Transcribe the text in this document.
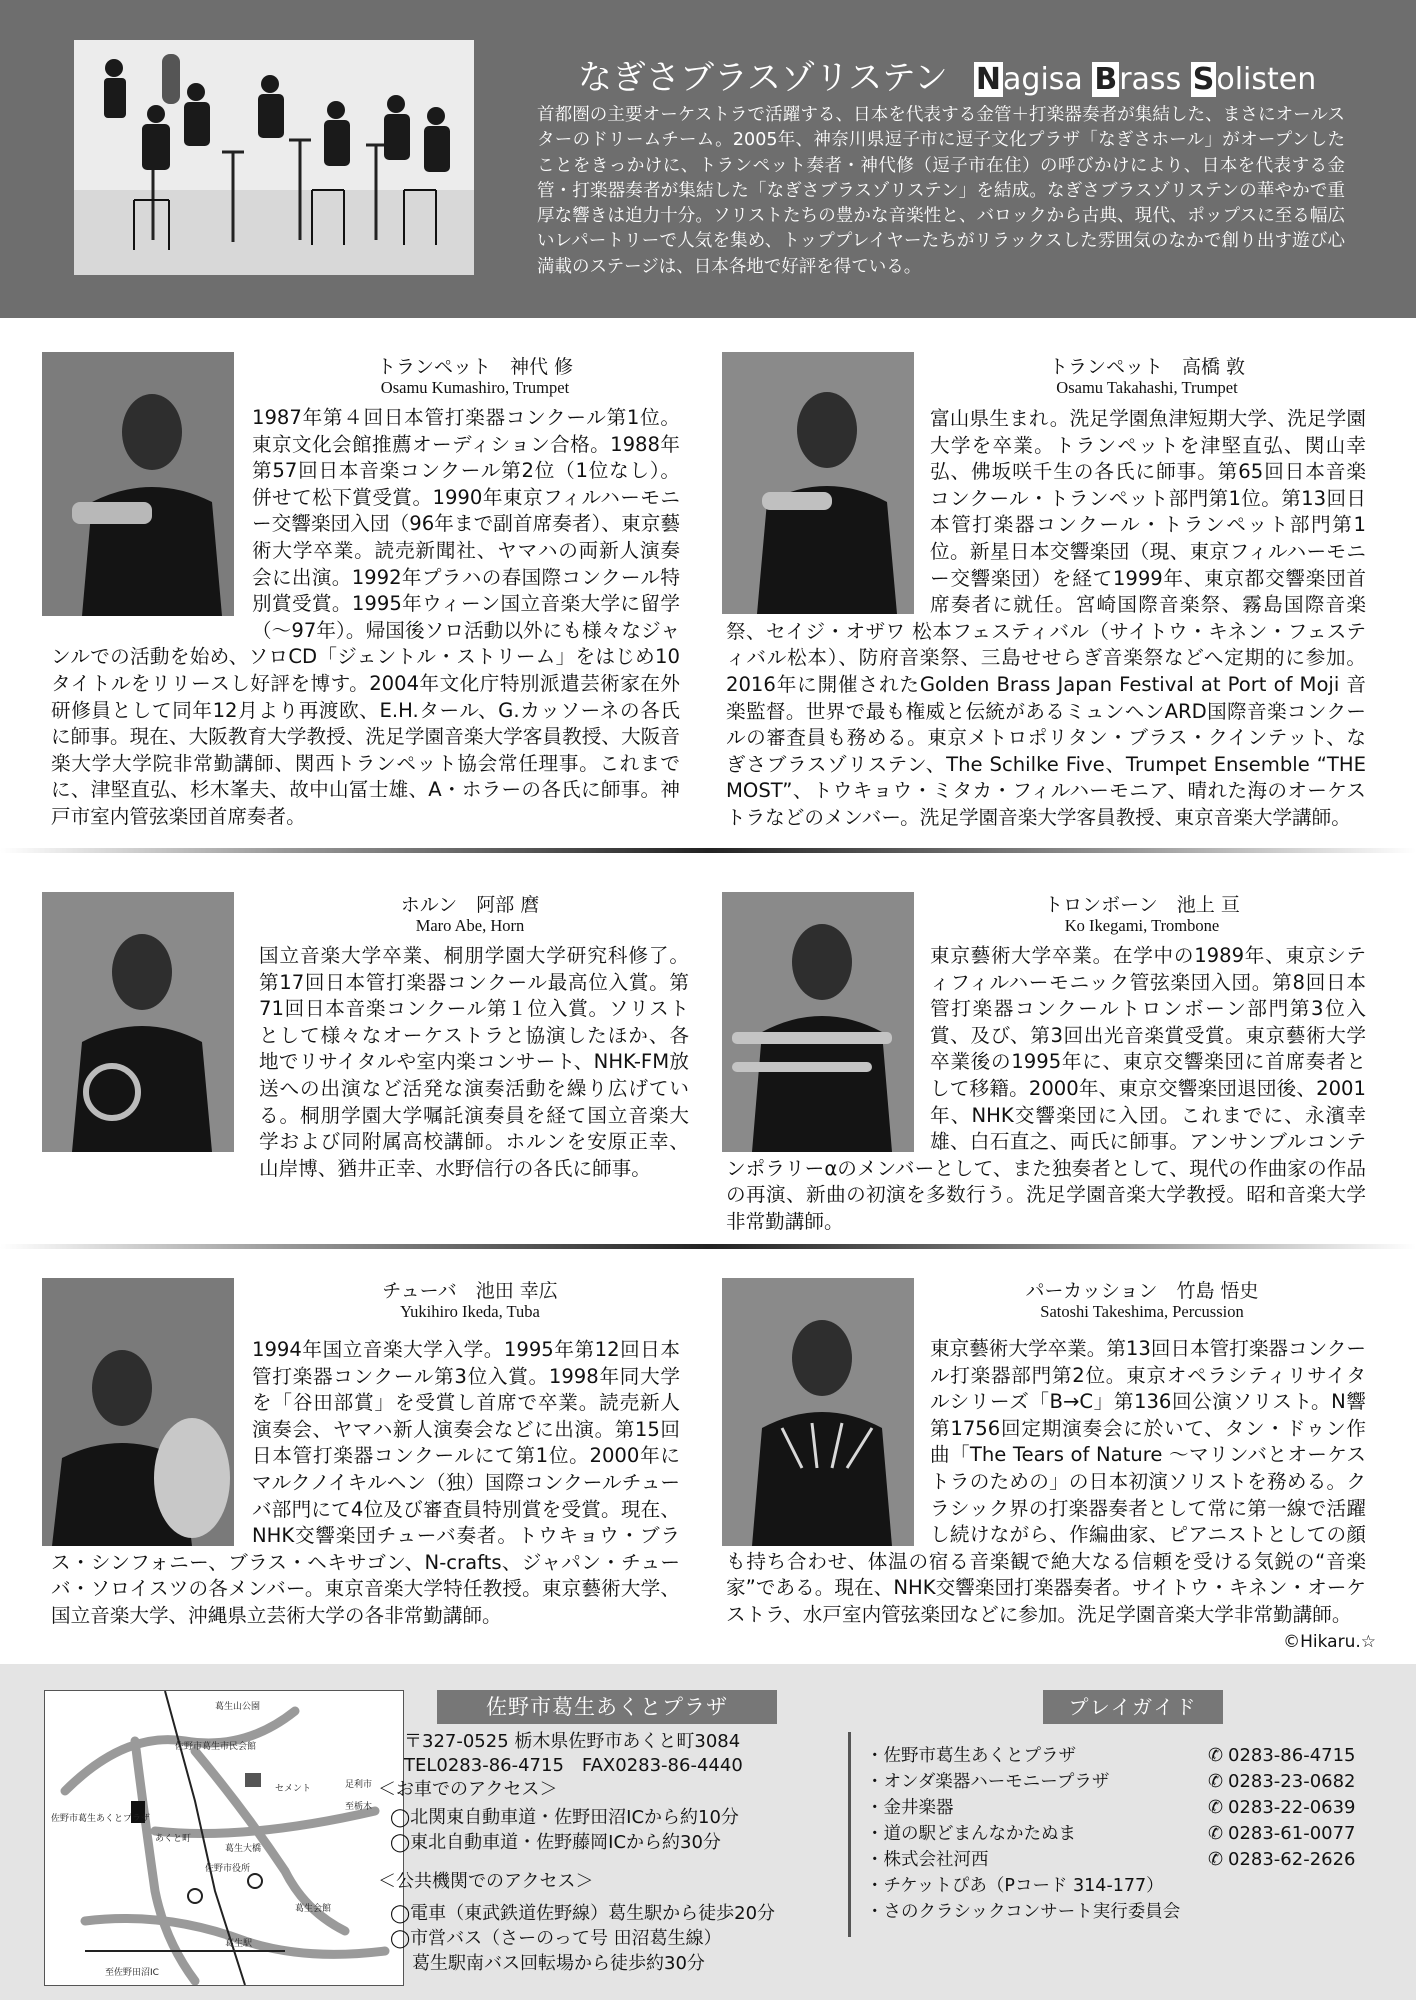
なぎさブラスゾリステン Nagisa Brass Solisten
首都圏の主要オーケストラで活躍する、日本を代表する金管＋打楽器奏者が集結した、まさにオールスターのドリームチーム。2005年、神奈川県逗子市に逗子文化プラザ「なぎさホール」がオープンしたことをきっかけに、トランペット奏者・神代修（逗子市在住）の呼びかけにより、日本を代表する金管・打楽器奏者が集結した「なぎさブラスゾリステン」を結成。なぎさブラスゾリステンの華やかで重厚な響きは迫力十分。ソリストたちの豊かな音楽性と、バロックから古典、現代、ポップスに至る幅広いレパートリーで人気を集め、トッププレイヤーたちがリラックスした雰囲気のなかで創り出す遊び心満載のステージは、日本各地で好評を得ている。
トランペット　神代 修
Osamu Kumashiro, Trumpet
1987年第４回日本管打楽器コンクール第1位。東京文化会館推薦オーディション合格。1988年第57回日本音楽コンクール第2位（1位なし）。併せて松下賞受賞。1990年東京フィルハーモニー交響楽団入団（96年まで副首席奏者）、東京藝術大学卒業。読売新聞社、ヤマハの両新人演奏会に出演。1992年プラハの春国際コンクール特別賞受賞。1995年ウィーン国立音楽大学に留学（～97年）。帰国後ソロ活動以外にも様々なジャンルでの活動を始め、ソロCD「ジェントル・ストリーム」をはじめ10タイトルをリリースし好評を博す。2004年文化庁特別派遣芸術家在外研修員として同年12月より再渡欧、E.H.タール、G.カッソーネの各氏に師事。現在、大阪教育大学教授、洗足学園音楽大学客員教授、大阪音楽大学大学院非常勤講師、関西トランペット協会常任理事。これまでに、津堅直弘、杉木峯夫、故中山冨士雄、A・ホラーの各氏に師事。神戸市室内管弦楽団首席奏者。
トランペット　高橋 敦
Osamu Takahashi, Trumpet
富山県生まれ。洗足学園魚津短期大学、洗足学園大学を卒業。トランペットを津堅直弘、関山幸弘、佛坂咲千生の各氏に師事。第65回日本音楽コンクール・トランペット部門第1位。第13回日本管打楽器コンクール・トランペット部門第1位。新星日本交響楽団（現、東京フィルハーモニー交響楽団）を経て1999年、東京都交響楽団首席奏者に就任。宮崎国際音楽祭、霧島国際音楽祭、セイジ・オザワ 松本フェスティバル（サイトウ・キネン・フェスティバル松本）、防府音楽祭、三島せせらぎ音楽祭などへ定期的に参加。2016年に開催されたGolden Brass Japan Festival at Port of Moji 音楽監督。世界で最も権威と伝統があるミュンヘンARD国際音楽コンクールの審査員も務める。東京メトロポリタン・ブラス・クインテット、なぎさブラスゾリステン、The Schilke Five、Trumpet Ensemble “THE MOST”、トウキョウ・ミタカ・フィルハーモニア、晴れた海のオーケストラなどのメンバー。洗足学園音楽大学客員教授、東京音楽大学講師。
ホルン　阿部 麿
Maro Abe, Horn
国立音楽大学卒業、桐朋学園大学研究科修了。第17回日本管打楽器コンクール最高位入賞。第71回日本音楽コンクール第１位入賞。ソリストとして様々なオーケストラと協演したほか、各地でリサイタルや室内楽コンサート、NHK-FM放送への出演など活発な演奏活動を繰り広げている。桐朋学園大学嘱託演奏員を経て国立音楽大学および同附属高校講師。ホルンを安原正幸、山岸博、猶井正幸、水野信行の各氏に師事。
トロンボーン　池上 亘
Ko Ikegami, Trombone
東京藝術大学卒業。在学中の1989年、東京シティフィルハーモニック管弦楽団入団。第8回日本管打楽器コンクールトロンボーン部門第3位入賞、及び、第3回出光音楽賞受賞。東京藝術大学卒業後の1995年に、東京交響楽団に首席奏者として移籍。2000年、東京交響楽団退団後、2001年、NHK交響楽団に入団。これまでに、永濱幸雄、白石直之、両氏に師事。アンサンブルコンテンポラリーαのメンバーとして、また独奏者として、現代の作曲家の作品の再演、新曲の初演を多数行う。洗足学園音楽大学教授。昭和音楽大学非常勤講師。
チューバ　池田 幸広
Yukihiro Ikeda, Tuba
1994年国立音楽大学入学。1995年第12回日本管打楽器コンクール第3位入賞。1998年同大学を「谷田部賞」を受賞し首席で卒業。読売新人演奏会、ヤマハ新人演奏会などに出演。第15回日本管打楽器コンクールにて第1位。2000年にマルクノイキルヘン（独）国際コンクールチューバ部門にて4位及び審査員特別賞を受賞。現在、NHK交響楽団チューバ奏者。トウキョウ・ブラス・シンフォニー、ブラス・ヘキサゴン、N-crafts、ジャパン・チューバ・ソロイスツの各メンバー。東京音楽大学特任教授。東京藝術大学、国立音楽大学、沖縄県立芸術大学の各非常勤講師。
パーカッション　竹島 悟史
Satoshi Takeshima, Percussion
東京藝術大学卒業。第13回日本管打楽器コンクール打楽器部門第2位。東京オペラシティリサイタルシリーズ「B→C」第136回公演ソリスト。N響第1756回定期演奏会に於いて、タン・ドゥン作曲「The Tears of Nature ～マリンバとオーケストラのための」の日本初演ソリストを務める。クラシック界の打楽器奏者として常に第一線で活躍し続けながら、作編曲家、ピアニストとしての顔も持ち合わせ、体温の宿る音楽観で絶大なる信頼を受ける気鋭の“音楽家”である。現在、NHK交響楽団打楽器奏者。サイトウ・キネン・オーケストラ、水戸室内管弦楽団などに参加。洗足学園音楽大学非常勤講師。
©Hikaru.☆
葛生山公園
佐野市葛生市民会館
佐野市葛生あくとプラザ
あくと町
葛生駅
葛生大橋
佐野市役所
至佐野田沼IC
足利市
至栃木
葛生会館
セメント
佐野市葛生あくとプラザ
〒327-0525 栃木県佐野市あくと町3084
TEL0283-86-4715　FAX0283-86-4440
＜お車でのアクセス＞
◯北関東自動車道・佐野田沼ICから約10分
◯東北自動車道・佐野藤岡ICから約30分
＜公共機関でのアクセス＞
◯電車（東武鉄道佐野線）葛生駅から徒歩20分
◯市営バス（さーのって号 田沼葛生線）
葛生駅南バス回転場から徒歩約30分
プレイガイド
・佐野市葛生あくとプラザ
・オンダ楽器ハーモニープラザ
・金井楽器
・道の駅どまんなかたぬま
・株式会社河西
・チケットぴあ（Pコード 314-177）
・さのクラシックコンサート実行委員会
✆ 0283-86-4715
✆ 0283-23-0682
✆ 0283-22-0639
✆ 0283-61-0077
✆ 0283-62-2626
